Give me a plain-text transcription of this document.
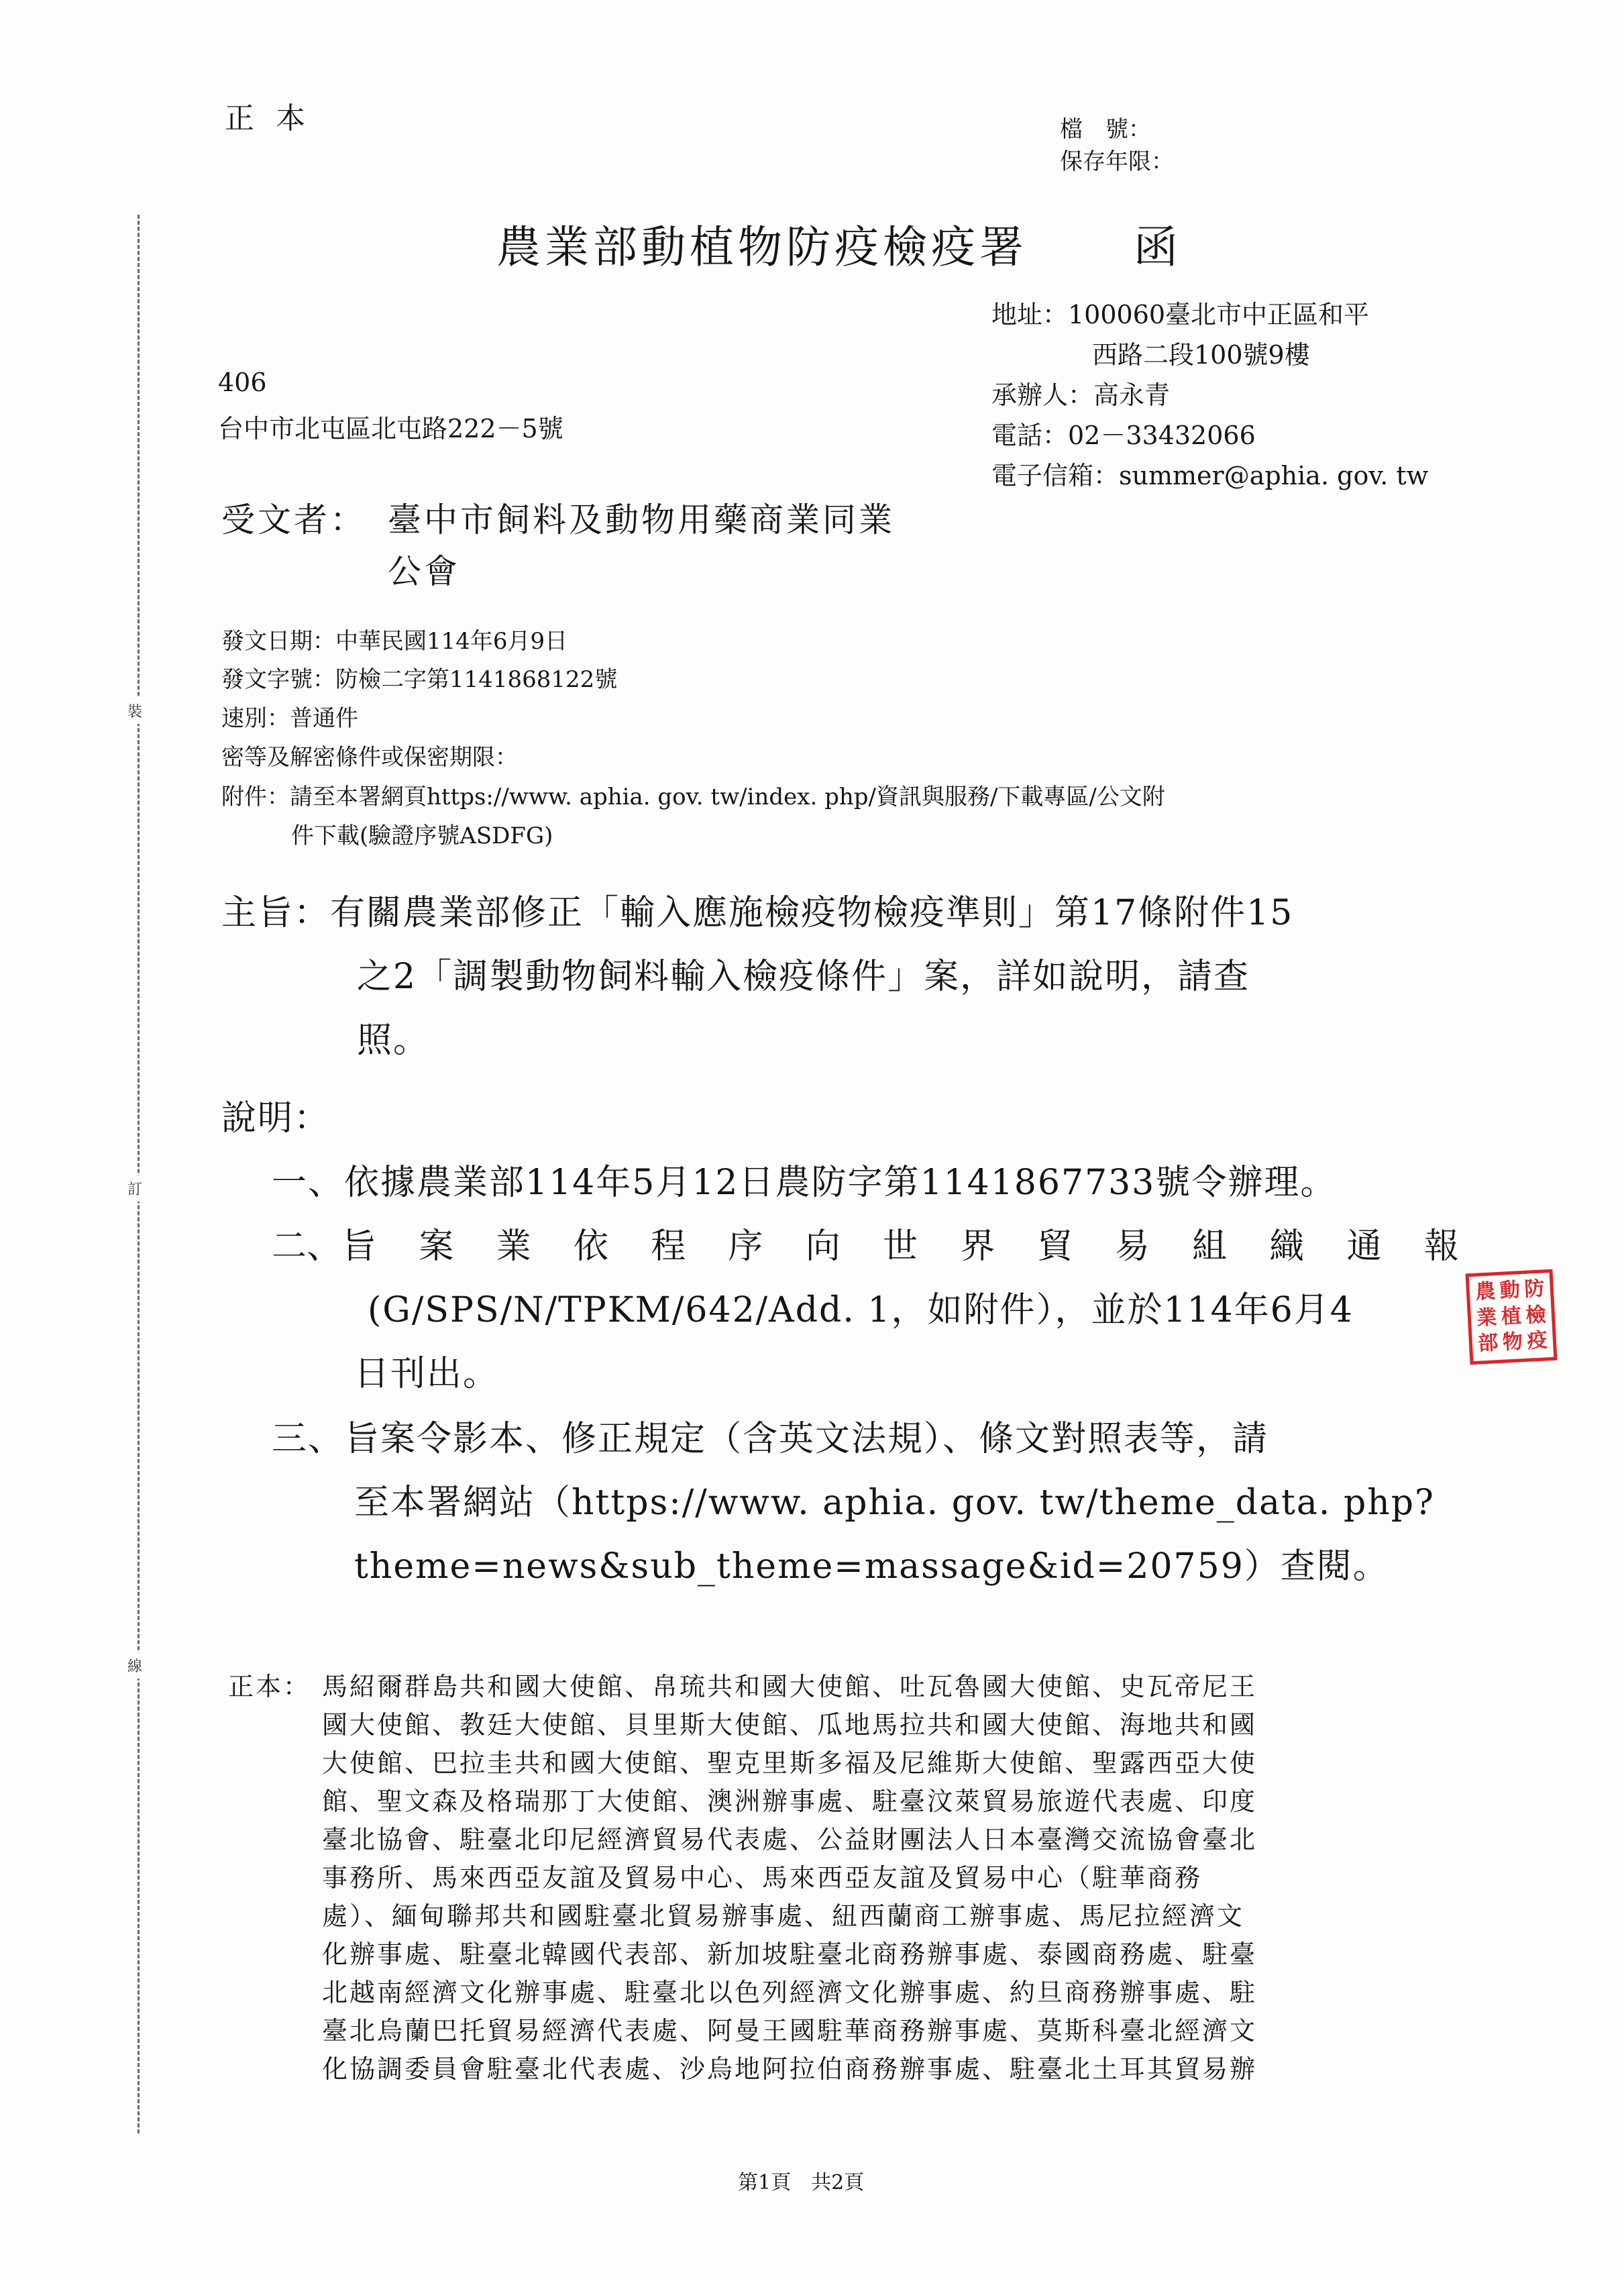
裝
訂
線
正本	檔　號：
保存年限：
農業部動植物防疫檢疫署 函
地址：100060臺北市中正區和平
西路二段100號9樓
承辦人：高永青
電話：02－33432066
電子信箱：summer@aphia. gov. tw
406
台中市北屯區北屯路222－5號
受文者： 臺中市飼料及動物用藥商業同業
公會
發文日期：中華民國114年6月9日
發文字號：防檢二字第1141868122號
速別：普通件
密等及解密條件或保密期限：
附件：請至本署網頁https://www. aphia. gov. tw/index. php/資訊與服務/下載專區/公文附
件下載(驗證序號ASDFG)
主旨：有關農業部修正「輸入應施檢疫物檢疫準則」第17條附件15
之2「調製動物飼料輸入檢疫條件」案，詳如說明，請查
照。
說明：
一、依據農業部114年5月12日農防字第1141867733號令辦理。
二、旨 案 業 依 程 序 向 世 界 貿 易 組 織 通 報
(G/SPS/N/TPKM/642/Add. 1，如附件），並於114年6月4
日刊出。
三、旨案令影本、修正規定（含英文法規）、條文對照表等，請
至本署網站（https://www. aphia. gov. tw/theme_data. php?
theme=news&sub_theme=massage&id=20759）查閱。
農 動 防
業 植 檢
部 物 疫
正本： 馬紹爾群島共和國大使館、帛琉共和國大使館、吐瓦魯國大使館、史瓦帝尼王
國大使館、教廷大使館、貝里斯大使館、瓜地馬拉共和國大使館、海地共和國
大使館、巴拉圭共和國大使館、聖克里斯多福及尼維斯大使館、聖露西亞大使
館、聖文森及格瑞那丁大使館、澳洲辦事處、駐臺汶萊貿易旅遊代表處、印度
臺北協會、駐臺北印尼經濟貿易代表處、公益財團法人日本臺灣交流協會臺北
事務所、馬來西亞友誼及貿易中心、馬來西亞友誼及貿易中心（駐華商務
處）、緬甸聯邦共和國駐臺北貿易辦事處、紐西蘭商工辦事處、馬尼拉經濟文
化辦事處、駐臺北韓國代表部、新加坡駐臺北商務辦事處、泰國商務處、駐臺
北越南經濟文化辦事處、駐臺北以色列經濟文化辦事處、約旦商務辦事處、駐
臺北烏蘭巴托貿易經濟代表處、阿曼王國駐華商務辦事處、莫斯科臺北經濟文
化協調委員會駐臺北代表處、沙烏地阿拉伯商務辦事處、駐臺北土耳其貿易辦
第1頁　共2頁
